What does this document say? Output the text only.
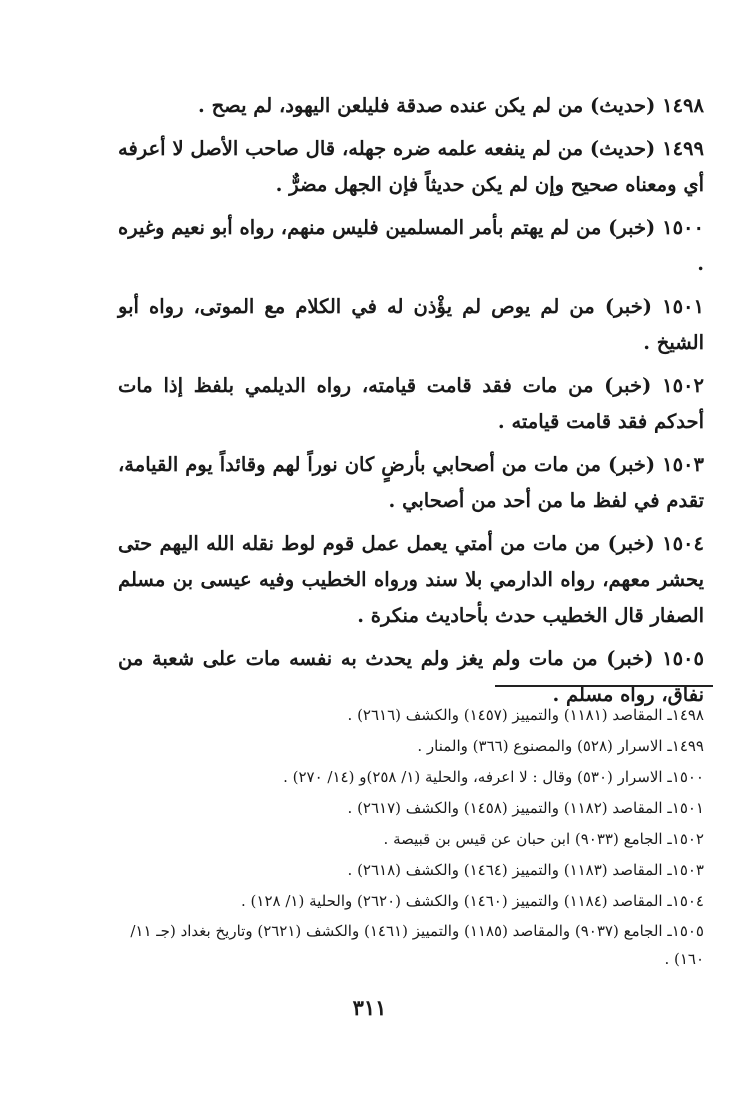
١٤٩٨ (حديث) من لم يكن عنده صدقة فليلعن اليهود، لم يصح .

١٤٩٩ (حديث) من لم ينفعه علمه ضره جهله، قال صاحب الأصل لا أعرفه أي ومعناه صحيح وإن لم يكن حديثاً فإن الجهل مضرٌّ .

١٥٠٠ (خبر) من لم يهتم بأمر المسلمين فليس منهم، رواه أبو نعيم وغيره .

١٥٠١ (خبر) من لم يوص لم يؤْذن له في الكلام مع الموتى، رواه أبو الشيخ .

١٥٠٢ (خبر) من مات فقد قامت قيامته، رواه الديلمي بلفظ إذا مات أحدكم فقد قامت قيامته .

١٥٠٣ (خبر) من مات من أصحابي بأرضٍ كان نوراً لهم وقائداً يوم القيامة، تقدم في لفظ ما من أحد من أصحابي .

١٥٠٤ (خبر) من مات من أمتي يعمل عمل قوم لوط نقله الله اليهم حتى يحشر معهم، رواه الدارمي بلا سند ورواه الخطيب وفيه عيسى بن مسلم الصفار قال الخطيب حدث بأحاديث منكرة .

١٥٠٥ (خبر) من مات ولم يغز ولم يحدث به نفسه مات على شعبة من نفاق، رواه مسلم .

١٤٩٨ـ المقاصد (١١٨١) والتمييز (١٤٥٧) والكشف (٢٦١٦) .

١٤٩٩ـ الاسرار (٥٢٨) والمصنوع (٣٦٦) والمنار .

١٥٠٠ـ الاسرار (٥٣٠) وقال : لا اعرفه، والحلية (١/ ٢٥٨)و (١٤/ ٢٧٠) .

١٥٠١ـ المقاصد (١١٨٢) والتمييز (١٤٥٨) والكشف (٢٦١٧) .

١٥٠٢ـ الجامع (٩٠٣٣) ابن حبان عن قيس بن قبيصة .

١٥٠٣ـ المقاصد (١١٨٣) والتمييز (١٤٦٤) والكشف (٢٦١٨) .

١٥٠٤ـ المقاصد (١١٨٤) والتمييز (١٤٦٠) والكشف (٢٦٢٠) والحلية (١/ ١٢٨) .

١٥٠٥ـ الجامع (٩٠٣٧) والمقاصد (١١٨٥) والتمييز (١٤٦١) والكشف (٢٦٢١) وتاريخ بغداد (جـ ١١/ ١٦٠) .

٣١١
